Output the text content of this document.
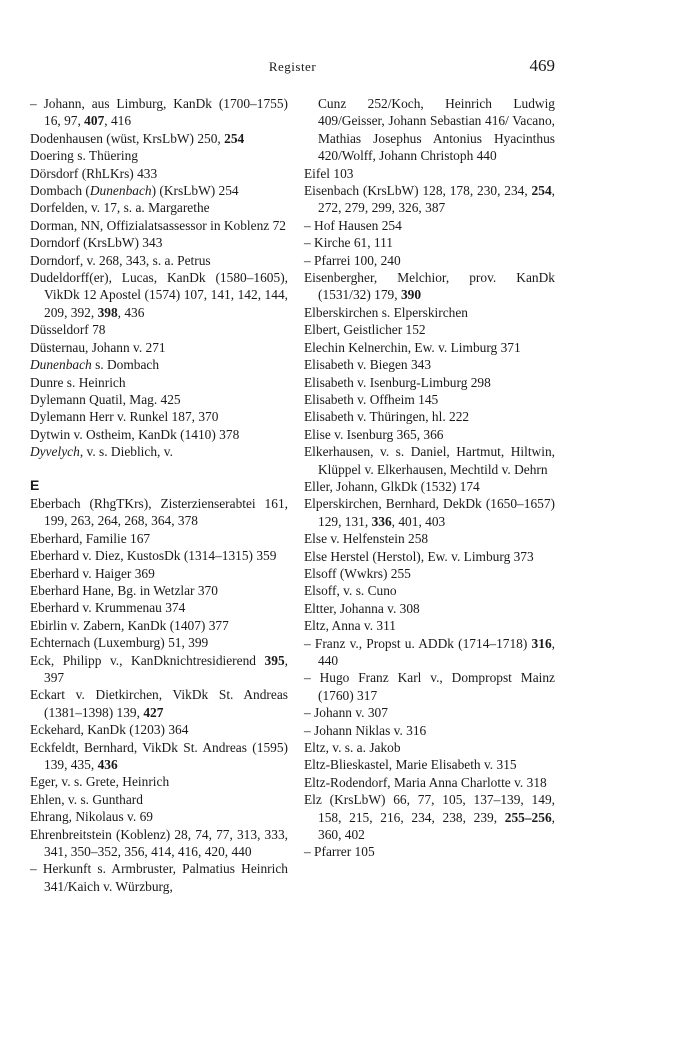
Register	469
– Johann, aus Limburg, KanDk (1700–1755) 16, 97, 407, 416
Dodenhausen (wüst, KrsLbW) 250, 254
Doering s. Thüering
Dörsdorf (RhLKrs) 433
Dombach (Dunenbach) (KrsLbW) 254
Dorfelden, v. 17, s. a. Margarethe
Dorman, NN, Offizialatsassessor in Koblenz 72
Dorndorf (KrsLbW) 343
Dorndorf, v. 268, 343, s. a. Petrus
Dudeldorff(er), Lucas, KanDk (1580–1605), VikDk 12 Apostel (1574) 107, 141, 142, 144, 209, 392, 398, 436
Düsseldorf 78
Düsternau, Johann v. 271
Dunenbach s. Dombach
Dunre s. Heinrich
Dylemann Quatil, Mag. 425
Dylemann Herr v. Runkel 187, 370
Dytwin v. Ostheim, KanDk (1410) 378
Dyvelych, v. s. Dieblich, v.
E
Eberbach (RhgTKrs), Zisterzienserabtei 161, 199, 263, 264, 268, 364, 378
Eberhard, Familie 167
Eberhard v. Diez, KustosDk (1314–1315) 359
Eberhard v. Haiger 369
Eberhard Hane, Bg. in Wetzlar 370
Eberhard v. Krummenau 374
Ebirlin v. Zabern, KanDk (1407) 377
Echternach (Luxemburg) 51, 399
Eck, Philipp v., KanDknichtresidierend 395, 397
Eckart v. Dietkirchen, VikDk St. Andreas (1381–1398) 139, 427
Eckehard, KanDk (1203) 364
Eckfeldt, Bernhard, VikDk St. Andreas (1595) 139, 435, 436
Eger, v. s. Grete, Heinrich
Ehlen, v. s. Gunthard
Ehrang, Nikolaus v. 69
Ehrenbreitstein (Koblenz) 28, 74, 77, 313, 333, 341, 350–352, 356, 414, 416, 420, 440
– Herkunft s. Armbruster, Palmatius Heinrich 341/Kaich v. Würzburg,
Cunz 252/Koch, Heinrich Ludwig 409/Geisser, Johann Sebastian 416/ Vacano, Mathias Josephus Antonius Hyacinthus 420/Wolff, Johann Christoph 440
Eifel 103
Eisenbach (KrsLbW) 128, 178, 230, 234, 254, 272, 279, 299, 326, 387
– Hof Hausen 254
– Kirche 61, 111
– Pfarrei 100, 240
Eisenbergher, Melchior, prov. KanDk (1531/32) 179, 390
Elberskirchen s. Elperskirchen
Elbert, Geistlicher 152
Elechin Kelnerchin, Ew. v. Limburg 371
Elisabeth v. Biegen 343
Elisabeth v. Isenburg-Limburg 298
Elisabeth v. Offheim 145
Elisabeth v. Thüringen, hl. 222
Elise v. Isenburg 365, 366
Elkerhausen, v. s. Daniel, Hartmut, Hiltwin, Klüppel v. Elkerhausen, Mechtild v. Dehrn
Eller, Johann, GlkDk (1532) 174
Elperskirchen, Bernhard, DekDk (1650–1657) 129, 131, 336, 401, 403
Else v. Helfenstein 258
Else Herstel (Herstol), Ew. v. Limburg 373
Elsoff (Wwkrs) 255
Elsoff, v. s. Cuno
Eltter, Johanna v. 308
Eltz, Anna v. 311
– Franz v., Propst u. ADDk (1714–1718) 316, 440
– Hugo Franz Karl v., Dompropst Mainz (1760) 317
– Johann v. 307
– Johann Niklas v. 316
Eltz, v. s. a. Jakob
Eltz-Blieskastel, Marie Elisabeth v. 315
Eltz-Rodendorf, Maria Anna Charlotte v. 318
Elz (KrsLbW) 66, 77, 105, 137–139, 149, 158, 215, 216, 234, 238, 239, 255–256, 360, 402
– Pfarrer 105
